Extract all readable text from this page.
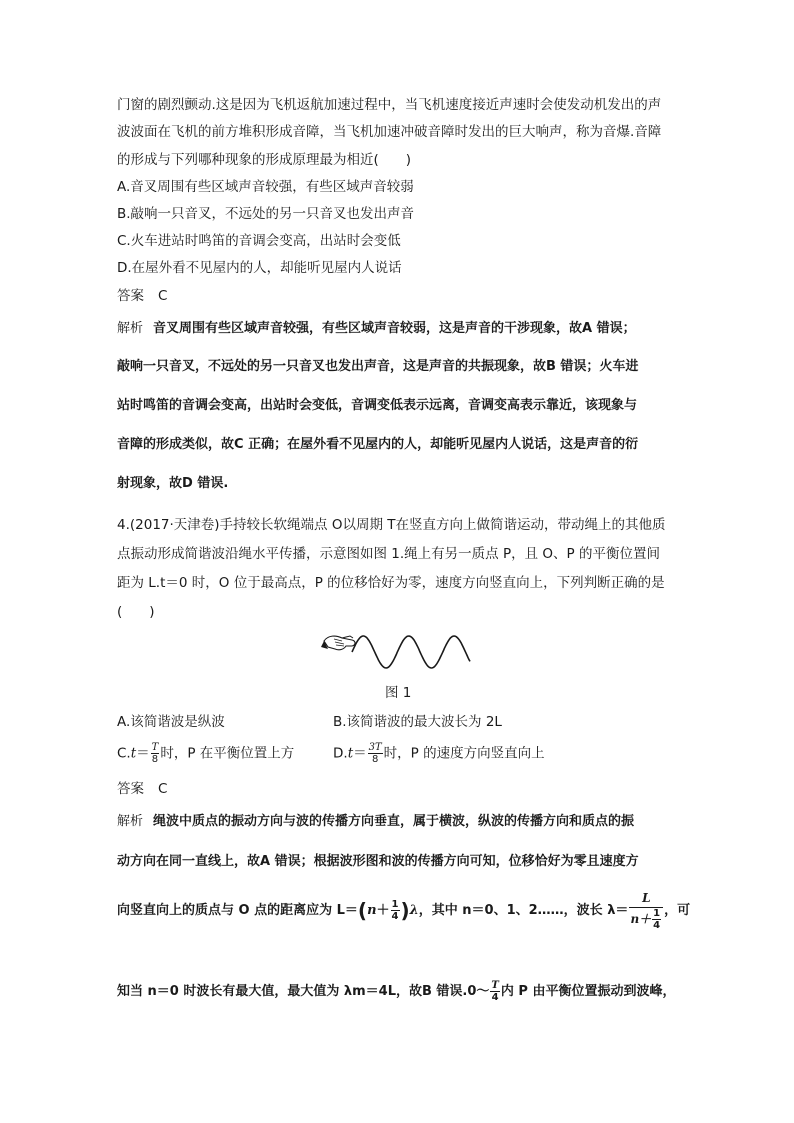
门窗的剧烈颤动.这是因为飞机返航加速过程中，当飞机速度接近声速时会使发动机发出的声
波波面在飞机的前方堆积形成音障，当飞机加速冲破音障时发出的巨大响声，称为音爆.音障
的形成与下列哪种现象的形成原理最为相近(　　)
A.音叉周围有些区域声音较强，有些区域声音较弱
B.敲响一只音叉，不远处的另一只音叉也发出声音
C.火车进站时鸣笛的音调会变高，出站时会变低
D.在屋外看不见屋内的人，却能听见屋内人说话
答案 C
解析 音叉周围有些区域声音较强，有些区域声音较弱，这是声音的干涉现象，故A 错误；
敲响一只音叉，不远处的另一只音叉也发出声音，这是声音的共振现象，故B 错误；火车进
站时鸣笛的音调会变高，出站时会变低，音调变低表示远离，音调变高表示靠近，该现象与
音障的形成类似，故C 正确；在屋外看不见屋内的人，却能听见屋内人说话，这是声音的衍
射现象，故D 错误.
4.(2017·天津卷)手持较长软绳端点 O以周期 T在竖直方向上做简谐运动，带动绳上的其他质
点振动形成简谐波沿绳水平传播，示意图如图 1.绳上有另一质点 P，且 O、P 的平衡位置间
距为 L.t＝0 时，O 位于最高点，P 的位移恰好为零，速度方向竖直向上，下列判断正确的是
(　　)
图 1
A.该简谐波是纵波	B.该简谐波的最大波长为 2L
$C.t= \frac{T}{8}$ 时，P 在平衡位置上方	$D.t= \frac{3T}{8}$ 时，P 的速度方向竖直向上
答案 C
解析 绳波中质点的振动方向与波的传播方向垂直，属于横波，纵波的传播方向和质点的振
动方向在同一直线上，故A 错误；根据波形图和波的传播方向可知，位移恰好为零且速度方
向竖直向上的质点与 O 点的距离应为 $L=(n+ \frac{1}{4} )\lambda$，其中 n＝0、1、2……，波长 $\lambda= \frac{L}{n+ \frac{1}{4}}$ ，可
知当 n＝0 时波长有最大值，最大值为 λm＝4L，故B 错误.0～ $\frac{T}{4}$ 内 P 由平衡位置振动到波峰，
